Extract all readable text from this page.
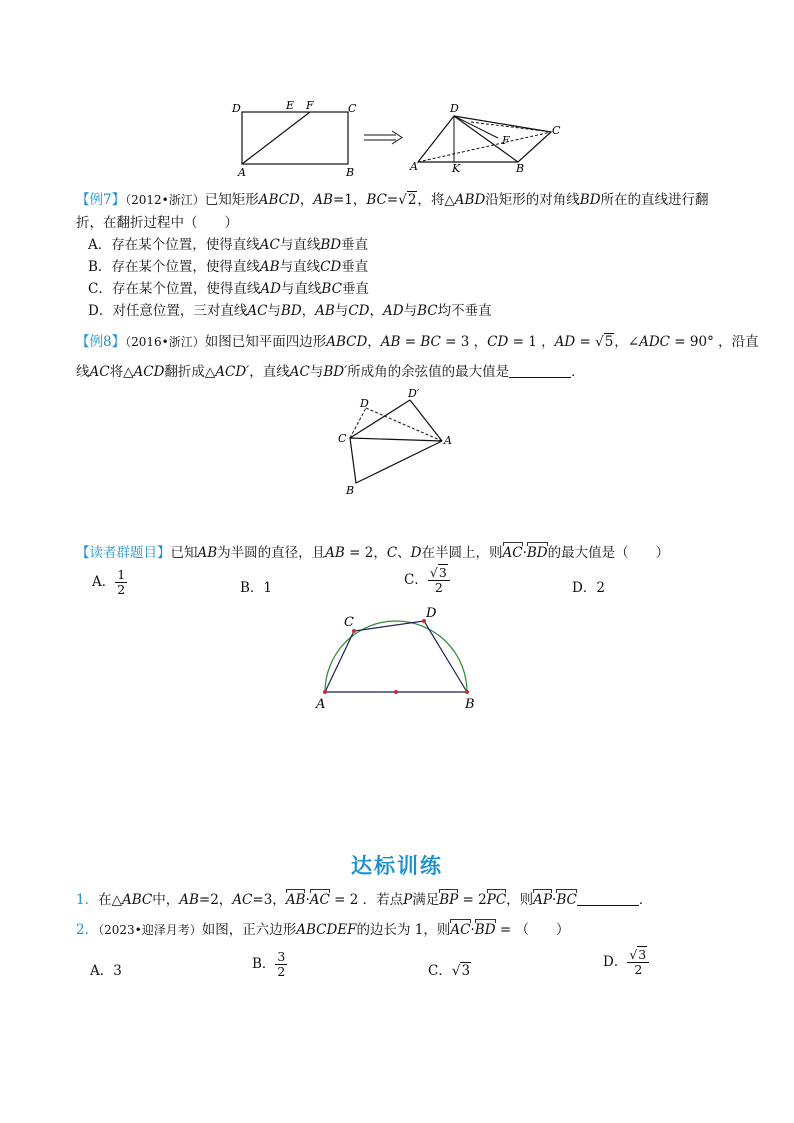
D	E F	C
A	B
D
C
F
A	K	B
【例7】（2012•浙江）已知矩形ABCD，AB=1，BC=√2，将△ABD沿矩形的对角线BD所在的直线进行翻
折，在翻折过程中（　　）
A．存在某个位置，使得直线AC与直线BD垂直
B．存在某个位置，使得直线AB与直线CD垂直
C．存在某个位置，使得直线AD与直线BC垂直
D．对任意位置，三对直线AC与BD，AB与CD，AD与BC均不垂直
【例8】（2016•浙江）如图已知平面四边形ABCD，AB = BC = 3 ，CD = 1 ，AD = √5，∠ADC = 90° ，沿直
线AC将△ACD翻折成△ACD′，直线AC与BD′所成角的余弦值的最大值是	．
D
D′
C	A
B
【读者群题目】已知AB为半圆的直径，且AB = 2，C、D在半圆上，则AC·BD的最大值是（　　）
A． $\frac{1}{2}$	B．1	C． $\frac{√3}{2}$	D．2
C
D
A	B
达标训练
1．在△ABC中，AB=2，AC=3，AB·AC = 2 ．若点P满足BP = 2PC，则AP·BC	．
2．（2023•迎泽月考）如图，正六边形ABCDEF的边长为 1，则AC·BD = （　　）
A．3	B． $\frac{3}{2}$	C．√3
D． $\frac{√3}{2}$
